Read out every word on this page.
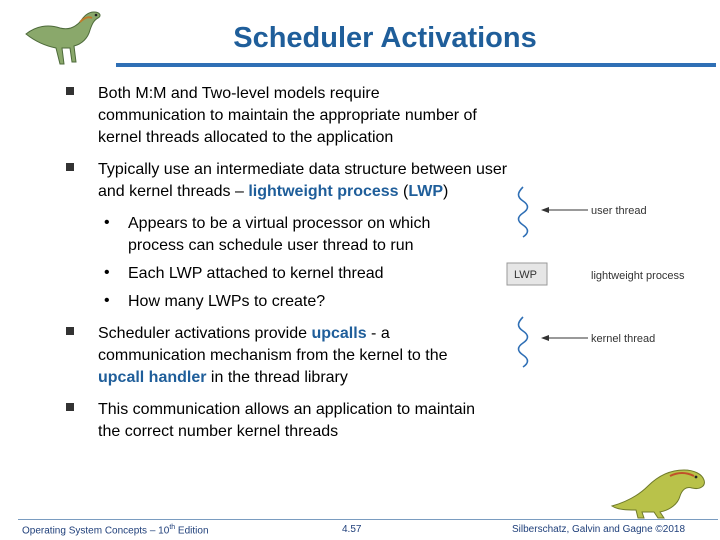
Scheduler Activations
Both M:M and Two-level models require communication to maintain the appropriate number of kernel threads allocated to the application
Typically use an intermediate data structure between user and kernel threads – lightweight process (LWP)
• Appears to be a virtual processor on which process can schedule user thread to run
• Each LWP attached to kernel thread
• How many LWPs to create?
Scheduler activations provide upcalls - a communication mechanism from the kernel to the upcall handler in the thread library
This communication allows an application to maintain the correct number kernel threads
user thread
LWP	lightweight process
kernel thread
Operating System Concepts – 10th Edition	4.57	Silberschatz, Galvin and Gagne ©2018
